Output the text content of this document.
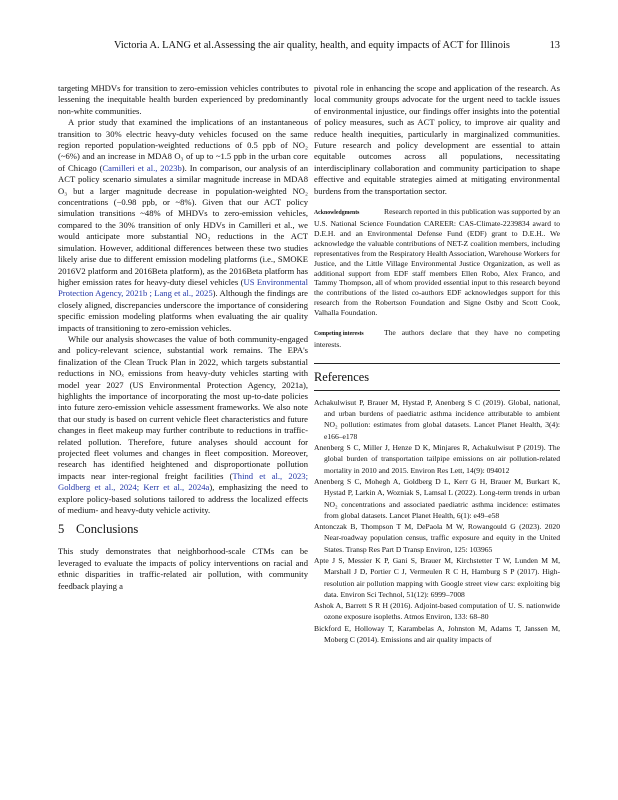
Victoria A. LANG et al.Assessing the air quality, health, and equity impacts of ACT for Illinois	13

targeting MHDVs for transition to zero-emission vehicles contributes to lessening the inequitable health burden experienced by predominantly non-white communities.

A prior study that examined the implications of an instantaneous transition to 30% electric heavy-duty vehicles focused on the same region reported population-weighted reductions of 0.5 ppb of NO₂ (~6%) and an increase in MDA8 O₃ of up to ~1.5 ppb in the urban core of Chicago (Camilleri et al., 2023b). In comparison, our analysis of an ACT policy scenario simulates a similar magnitude increase in MDA8 O₃ but a larger magnitude decrease in population-weighted NO₂ concentrations (−0.98 ppb, or ~8%). Given that our ACT policy simulation transitions ~48% of MHDVs to zero-emission vehicles, compared to the 30% transition of only HDVs in Camilleri et al., we would anticipate more substantial NO₂ reductions in the ACT simulation. However, additional differences between these two studies likely arise due to different emission modeling platforms (i.e., SMOKE 2016V2 platform and 2016Beta platform), as the 2016Beta platform has higher emission rates for heavy-duty diesel vehicles (US Environmental Protection Agency, 2021b ; Lang et al., 2025). Although the findings are closely aligned, discrepancies underscore the importance of considering specific emission modeling platforms when evaluating the air quality impacts of transitioning to zero-emission vehicles.

While our analysis showcases the value of both community-engaged and policy-relevant science, substantial work remains. The EPA's finalization of the Clean Truck Plan in 2022, which targets substantial reductions in NOₓ emissions from heavy-duty vehicles starting with model year 2027 (US Environmental Protection Agency, 2021a), highlights the importance of incorporating the most up-to-date policies into future zero-emission vehicle assessment frameworks. We also note that our study is based on current vehicle fleet characteristics and future changes in fleet makeup may further contribute to reductions in traffic-related pollution. Therefore, future analyses should account for projected fleet volumes and changes in fleet composition. Moreover, research has identified heightened and disproportionate pollution impacts near inter-regional freight facilities (Thind et al., 2023; Goldberg et al., 2024; Kerr et al., 2024a), emphasizing the need to explore policy-based solutions tailored to address the localized effects of medium- and heavy-duty vehicle activity.

5 Conclusions

This study demonstrates that neighborhood-scale CTMs can be leveraged to evaluate the impacts of policy interventions on racial and ethnic disparities in traffic-related air pollution, with community feedback playing a

pivotal role in enhancing the scope and application of the research. As local community groups advocate for the urgent need to tackle issues of environmental injustice, our findings offer insights into the potential of policy measures, such as ACT policy, to improve air quality and reduce health inequities, particularly in marginalized communities. Future research and policy development are essential to attain equitable outcomes across all populations, necessitating interdisciplinary collaboration and community participation to shape effective and equitable strategies aimed at mitigating environmental burdens from the transportation sector.

Acknowledgments	Research reported in this publication was supported by an U.S. National Science Foundation CAREER: CAS-Climate-2239834 award to D.E.H. and an Environmental Defense Fund (EDF) grant to D.E.H.. We acknowledge the valuable contributions of NET-Z coalition members, including representatives from the Respiratory Health Association, Warehouse Workers for Justice, and the Little Village Environmental Justice Organization, as well as additional support from EDF staff members Ellen Robo, Alex Franco, and Tammy Thompson, all of whom provided essential input to this research beyond the contributions of the listed co-authors EDF acknowledges support for this research from the Robertson Foundation and Signe Ostby and Scott Cook, Valhalla Foundation.

Competing interests	The authors declare that they have no competing interests.

References

Achakulwisut P, Brauer M, Hystad P, Anenberg S C (2019). Global, national, and urban burdens of paediatric asthma incidence attributable to ambient NO₂ pollution: estimates from global datasets. Lancet Planet Health, 3(4): e166–e178

Anenberg S C, Miller J, Henze D K, Minjares R, Achakulwisut P (2019). The global burden of transportation tailpipe emissions on air pollution-related mortality in 2010 and 2015. Environ Res Lett, 14(9): 094012

Anenberg S C, Mohegh A, Goldberg D L, Kerr G H, Brauer M, Burkart K, Hystad P, Larkin A, Wozniak S, Lamsal L (2022). Long-term trends in urban NO₂ concentrations and associated paediatric asthma incidence: estimates from global datasets. Lancet Planet Health, 6(1): e49–e58

Antonczak B, Thompson T M, DePaola M W, Rowangould G (2023). 2020 Near-roadway population census, traffic exposure and equity in the United States. Transp Res Part D Transp Environ, 125: 103965

Apte J S, Messier K P, Gani S, Brauer M, Kirchstetter T W, Lunden M M, Marshall J D, Portier C J, Vermeulen R C H, Hamburg S P (2017). High-resolution air pollution mapping with Google street view cars: exploiting big data. Environ Sci Technol, 51(12): 6999–7008

Ashok A, Barrett S R H (2016). Adjoint-based computation of U. S. nationwide ozone exposure isopleths. Atmos Environ, 133: 68–80

Bickford E, Holloway T, Karambelas A, Johnston M, Adams T, Janssen M, Moberg C (2014). Emissions and air quality impacts of
